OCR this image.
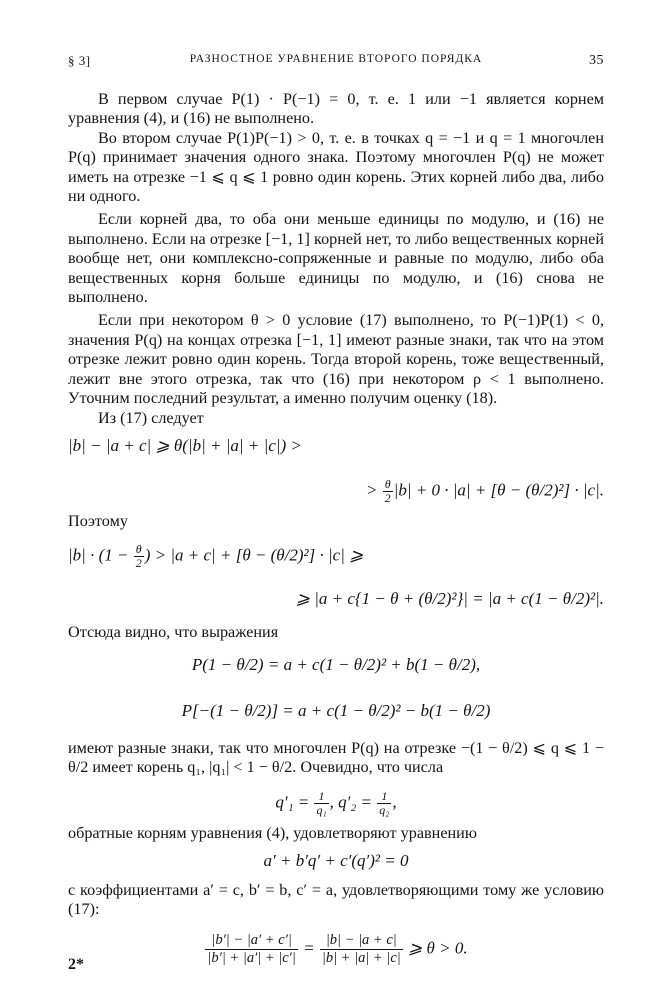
§ 3]	РАЗНОСТНОЕ УРАВНЕНИЕ ВТОРОГО ПОРЯДКА	35

В первом случае P(1) · P(−1) = 0, т. е. 1 или −1 является корнем уравнения (4), и (16) не выполнено.

Во втором случае P(1)P(−1) > 0, т. е. в точках q = −1 и q = 1 многочлен P(q) принимает значения одного знака. Поэтому многочлен P(q) не может иметь на отрезке −1 ⩽ q ⩽ 1 ровно один корень. Этих корней либо два, либо ни одного.

Если корней два, то оба они меньше единицы по модулю, и (16) не выполнено. Если на отрезке [−1, 1] корней нет, то либо вещественных корней вообще нет, они комплексно-сопряженные и равные по модулю, либо оба вещественных корня больше единицы по модулю, и (16) снова не выполнено.

Если при некотором θ > 0 условие (17) выполнено, то P(−1)P(1) < 0, значения P(q) на концах отрезка [−1, 1] имеют разные знаки, так что на этом отрезке лежит ровно один корень. Тогда второй корень, тоже вещественный, лежит вне этого отрезка, так что (16) при некотором ρ < 1 выполнено. Уточним последний результат, а именно получим оценку (18).

Из (17) следует

|b| − |a + c| ⩾ θ(|b| + |a| + |c|) >
> $\frac{\theta}{2} |b| + 0 \cdot |a| + [\theta - (\theta/2)^2] \cdot |c|$.

Поэтому

$|b| \cdot (1 - \frac{\theta}{2}$ ) > |a + c| + [θ − (θ/2)²] · |c| ⩾
⩾ |a + c{1 − θ + (θ/2)²}| = |a + c(1 − θ/2)²|.

Отсюда видно, что выражения

P(1 − θ/2) = a + c(1 − θ/2)² + b(1 − θ/2),
P[−(1 − θ/2)] = a + c(1 − θ/2)² − b(1 − θ/2)

имеют разные знаки, так что многочлен P(q) на отрезке −(1 − θ/2) ⩽ q ⩽ 1 − θ/2 имеет корень q₁, |q₁| < 1 − θ/2. Очевидно, что числа

$q'_1 = \frac{1}{\text{q₁}}$ , $q'_2 = \frac{1}{\text{q₂}}$ ,

обратные корням уравнения (4), удовлетворяют уравнению

a′ + b′q′ + c′(q′)² = 0

с коэффициентами a′ = c, b′ = b, c′ = a, удовлетворяющими тому же условию (17):

$\frac{|b'| - |a' + c'|}{|b'| + |a'| + |c'|} = \frac{|b| - |a + c|}{|b| + |a| + |c|}$ ⩾ θ > 0.
2*
